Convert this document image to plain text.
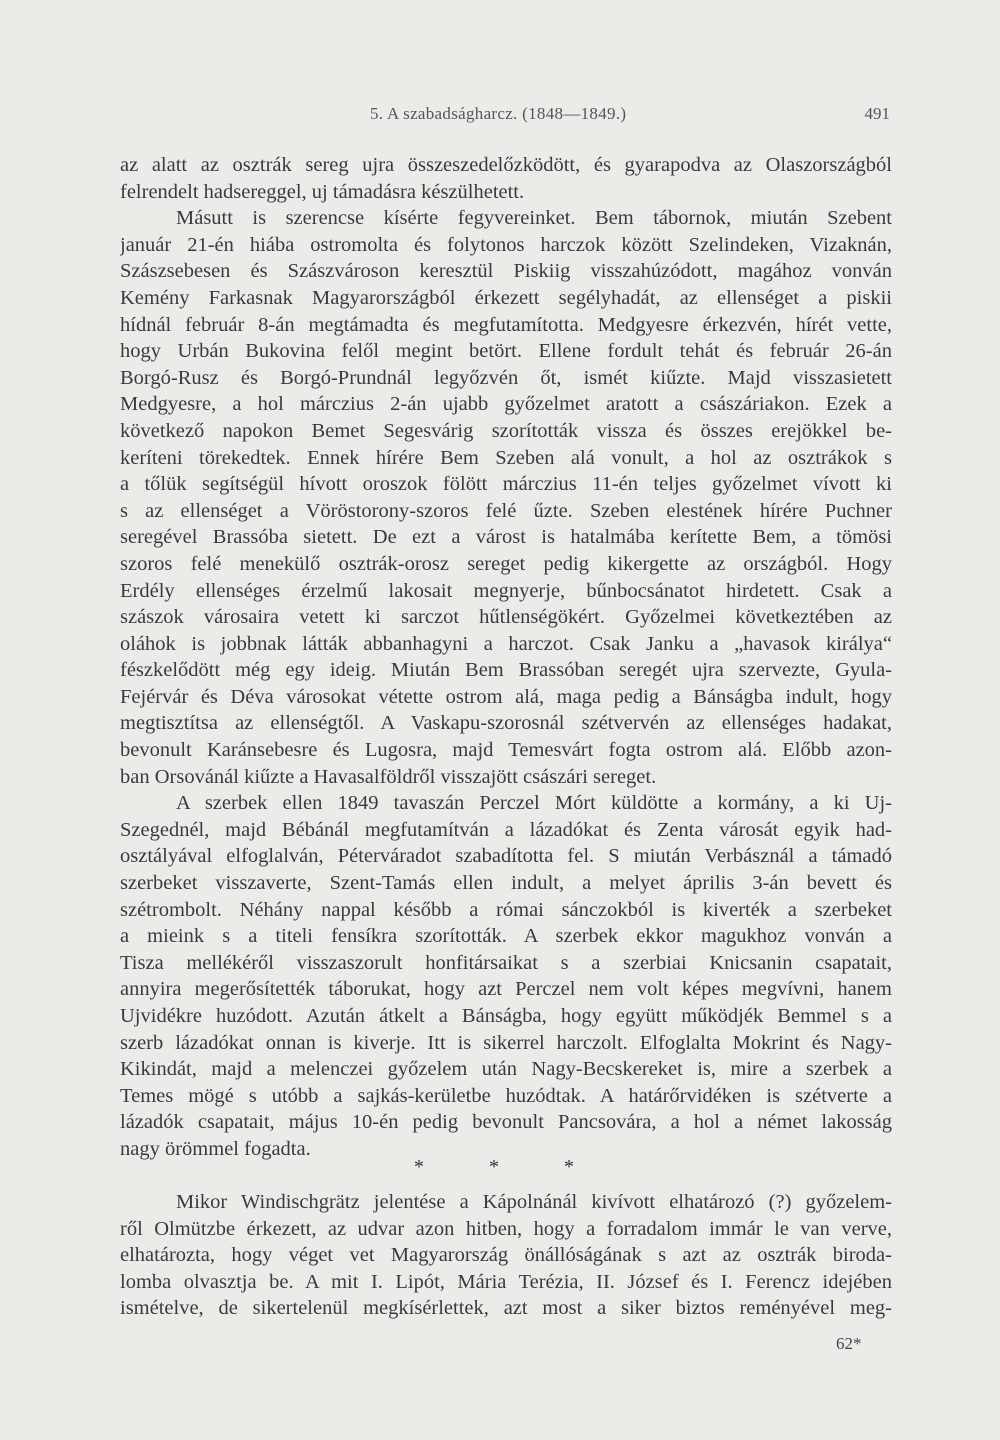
5. A szabadságharcz. (1848—1849.)	491
az alatt az osztrák sereg ujra összeszedelőzködött, és gyarapodva az Olaszországból
felrendelt hadsereggel, uj támadásra készülhetett.
Másutt is szerencse kísérte fegyvereinket. Bem tábornok, miután Szebent
január 21-én hiába ostromolta és folytonos harczok között Szelindeken, Vizaknán,
Szászsebesen és Szászvároson keresztül Piskiig visszahúzódott, magához vonván
Kemény Farkasnak Magyarországból érkezett segélyhadát, az ellenséget a piskii
hídnál február 8-án megtámadta és megfutamította. Medgyesre érkezvén, hírét vette,
hogy Urbán Bukovina felől megint betört. Ellene fordult tehát és február 26-án
Borgó-Rusz és Borgó-Prundnál legyőzvén őt, ismét kiűzte. Majd visszasietett
Medgyesre, a hol márczius 2-án ujabb győzelmet aratott a császáriakon. Ezek a
következő napokon Bemet Segesvárig szorították vissza és összes erejökkel be-
keríteni törekedtek. Ennek hírére Bem Szeben alá vonult, a hol az osztrákok s
a tőlük segítségül hívott oroszok fölött márczius 11-én teljes győzelmet vívott ki
s az ellenséget a Vöröstorony-szoros felé űzte. Szeben elestének hírére Puchner
seregével Brassóba sietett. De ezt a várost is hatalmába kerítette Bem, a tömösi
szoros felé menekülő osztrák-orosz sereget pedig kikergette az országból. Hogy
Erdély ellenséges érzelmű lakosait megnyerje, bűnbocsánatot hirdetett. Csak a
szászok városaira vetett ki sarczot hűtlenségökért. Győzelmei következtében az
oláhok is jobbnak látták abbanhagyni a harczot. Csak Janku a „havasok királya“
fészkelődött még egy ideig. Miután Bem Brassóban seregét ujra szervezte, Gyula-
Fejérvár és Déva városokat vétette ostrom alá, maga pedig a Bánságba indult, hogy
megtisztítsa az ellenségtől. A Vaskapu-szorosnál szétvervén az ellenséges hadakat,
bevonult Karánsebesre és Lugosra, majd Temesvárt fogta ostrom alá. Előbb azon-
ban Orsovánál kiűzte a Havasalföldről visszajött császári sereget.
A szerbek ellen 1849 tavaszán Perczel Mórt küldötte a kormány, a ki Uj-
Szegednél, majd Bébánál megfutamítván a lázadókat és Zenta városát egyik had-
osztályával elfoglalván, Péterváradot szabadította fel. S miután Verbásznál a támadó
szerbeket visszaverte, Szent-Tamás ellen indult, a melyet április 3-án bevett és
szétrombolt. Néhány nappal később a római sánczokból is kiverték a szerbeket
a mieink s a titeli fensíkra szorították. A szerbek ekkor magukhoz vonván a
Tisza mellékéről visszaszorult honfitársaikat s a szerbiai Knicsanin csapatait,
annyira megerősítették táborukat, hogy azt Perczel nem volt képes megvívni, hanem
Ujvidékre huzódott. Azután átkelt a Bánságba, hogy együtt működjék Bemmel s a
szerb lázadókat onnan is kiverje. Itt is sikerrel harczolt. Elfoglalta Mokrint és Nagy-
Kikindát, majd a melenczei győzelem után Nagy-Becskereket is, mire a szerbek a
Temes mögé s utóbb a sajkás-kerületbe huzódtak. A határőrvidéken is szétverte a
lázadók csapatait, május 10-én pedig bevonult Pancsovára, a hol a német lakosság
nagy örömmel fogadta.
* * *
Mikor Windischgrätz jelentése a Kápolnánál kivívott elhatározó (?) győzelem-
ről Olmützbe érkezett, az udvar azon hitben, hogy a forradalom immár le van verve,
elhatározta, hogy véget vet Magyarország önállóságának s azt az osztrák biroda-
lomba olvasztja be. A mit I. Lipót, Mária Terézia, II. József és I. Ferencz idejében
ismételve, de sikertelenül megkísérlettek, azt most a siker biztos reményével meg-
62*
